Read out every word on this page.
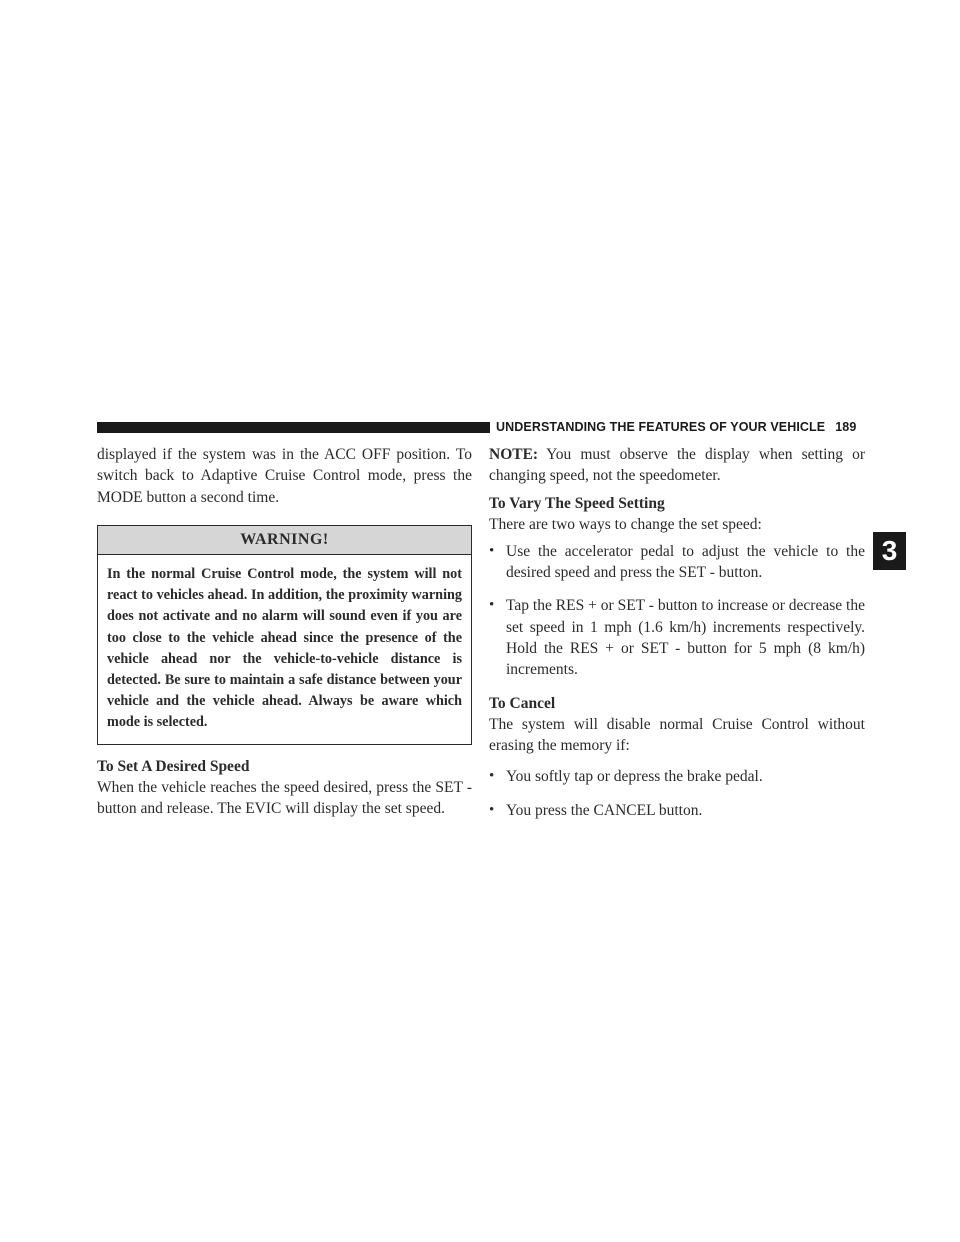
UNDERSTANDING THE FEATURES OF YOUR VEHICLE 189
3

displayed if the system was in the ACC OFF position. To switch back to Adaptive Cruise Control mode, press the MODE button a second time.

WARNING!
In the normal Cruise Control mode, the system will not react to vehicles ahead. In addition, the proximity warning does not activate and no alarm will sound even if you are too close to the vehicle ahead since the presence of the vehicle ahead nor the vehicle-to-vehicle distance is detected. Be sure to maintain a safe distance between your vehicle and the vehicle ahead. Always be aware which mode is selected.
To Set A Desired Speed

When the vehicle reaches the speed desired, press the SET - button and release. The EVIC will display the set speed.

NOTE: You must observe the display when setting or changing speed, not the speedometer.

To Vary The Speed Setting

There are two ways to change the set speed:

• Use the accelerator pedal to adjust the vehicle to the desired speed and press the SET - button.
• Tap the RES + or SET - button to increase or decrease the set speed in 1 mph (1.6 km/h) increments respectively. Hold the RES + or SET - button for 5 mph (8 km/h) increments.
To Cancel

The system will disable normal Cruise Control without erasing the memory if:

• You softly tap or depress the brake pedal.
• You press the CANCEL button.
